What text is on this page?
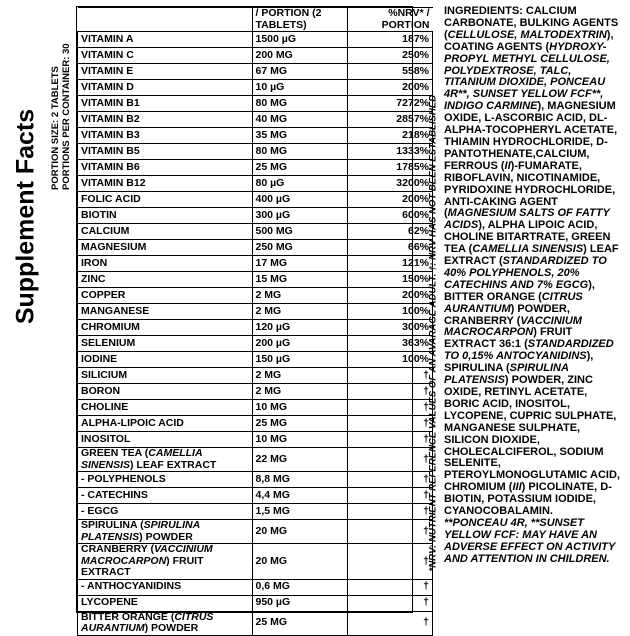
Supplement Facts PORTION SIZE: 2 TABLETS PORTIONS PER CONTAINER: 30
	/ PORTION (2 TABLETS)	%NRV* / PORTION
VITAMIN A	1500 µG	187%
VITAMIN C	200 MG	250%
VITAMIN E	67 MG	558%
VITAMIN D	10 µG	200%
VITAMIN B1	80 MG	7272%
VITAMIN B2	40 MG	2857%
VITAMIN B3	35 MG	218%
VITAMIN B5	80 MG	1333%
VITAMIN B6	25 MG	1785%
VITAMIN B12	80 µG	3200%
FOLIC ACID	400 µG	200%
BIOTIN	300 µG	600%
CALCIUM	500 MG	62%
MAGNESIUM	250 MG	66%
IRON	17 MG	121%
ZINC	15 MG	150%
COPPER	2 MG	200%
MANGANESE	2 MG	100%
CHROMIUM	120 µG	300%
SELENIUM	200 µG	363%
IODINE	150 µG	100%
SILICIUM	2 MG	†
BORON	2 MG	†
CHOLINE	10 MG	†
ALPHA-LIPOIC ACID	25 MG	†
INOSITOL	10 MG	†
GREEN TEA (CAMELLIA SINENSIS) LEAF EXTRACT	22 MG	†
- POLYPHENOLS	8,8 MG	†
- CATECHINS	4,4 MG	†
- EGCG	1,5 MG	†
SPIRULINA (SPIRULINA PLATENSIS) POWDER	20 MG	†
CRANBERRY (VACCINIUM MACROCARPON) FRUIT EXTRACT	20 MG	†
- ANTHOCYANIDINS	0,6 MG	†
LYCOPENE	950 µG	†
BITTER ORANGE (CITRUS AURANTIUM) POWDER	25 MG	†
*NRV: NUTRIENT REFERENCE VALUES OF AN AVARAGE ADULT. †: NRV HAS NOT BEEN ESTABLISHED
INGREDIENTS: CALCIUM CARBONATE, BULKING AGENTS (CELLULOSE, MALTODEXTRIN), COATING AGENTS (HYDROXY-PROPYL METHYL CELLULOSE, POLYDEXTROSE, TALC, TITANIUM DIOXIDE, PONCEAU 4R**, SUNSET YELLOW FCF**, INDIGO CARMINE), MAGNESIUM OXIDE, L-ASCORBIC ACID, DL-ALPHA-TOCOPHERYL ACETATE, THIAMIN HYDROCHLORIDE, D-PANTOTHENATE,CALCIUM, FERROUS (II)-FUMARATE, RIBOFLAVIN, NICOTINAMIDE, PYRIDOXINE HYDROCHLORIDE, ANTI-CAKING AGENT (MAGNESIUM SALTS OF FATTY ACIDS), ALPHA LIPOIC ACID, CHOLINE BITARTRATE, GREEN TEA (CAMELLIA SINENSIS) LEAF EXTRACT (STANDARDIZED TO 40% POLYPHENOLS, 20% CATECHINS AND 7% EGCG), BITTER ORANGE (CITRUS AURANTIUM) POWDER, CRANBERRY (VACCINIUM MACROCARPON) FRUIT EXTRACT 36:1 (STANDARDIZED TO 0,15% ANTOCYANIDINS), SPIRULINA (SPIRULINA PLATENSIS) POWDER, ZINC OXIDE, RETINYL ACETATE, BORIC ACID, INOSITOL, LYCOPENE, CUPRIC SULPHATE, MANGANESE SULPHATE, SILICON DIOXIDE, CHOLECALCIFEROL, SODIUM SELENITE, PTEROYLMONOGLUTAMIC ACID, CHROMIUM (III) PICOLINATE, D-BIOTIN, POTASSIUM IODIDE, CYANOCOBALAMIN.
**PONCEAU 4R, **SUNSET YELLOW FCF: MAY HAVE AN ADVERSE EFFECT ON ACTIVITY AND ATTENTION IN CHILDREN.
